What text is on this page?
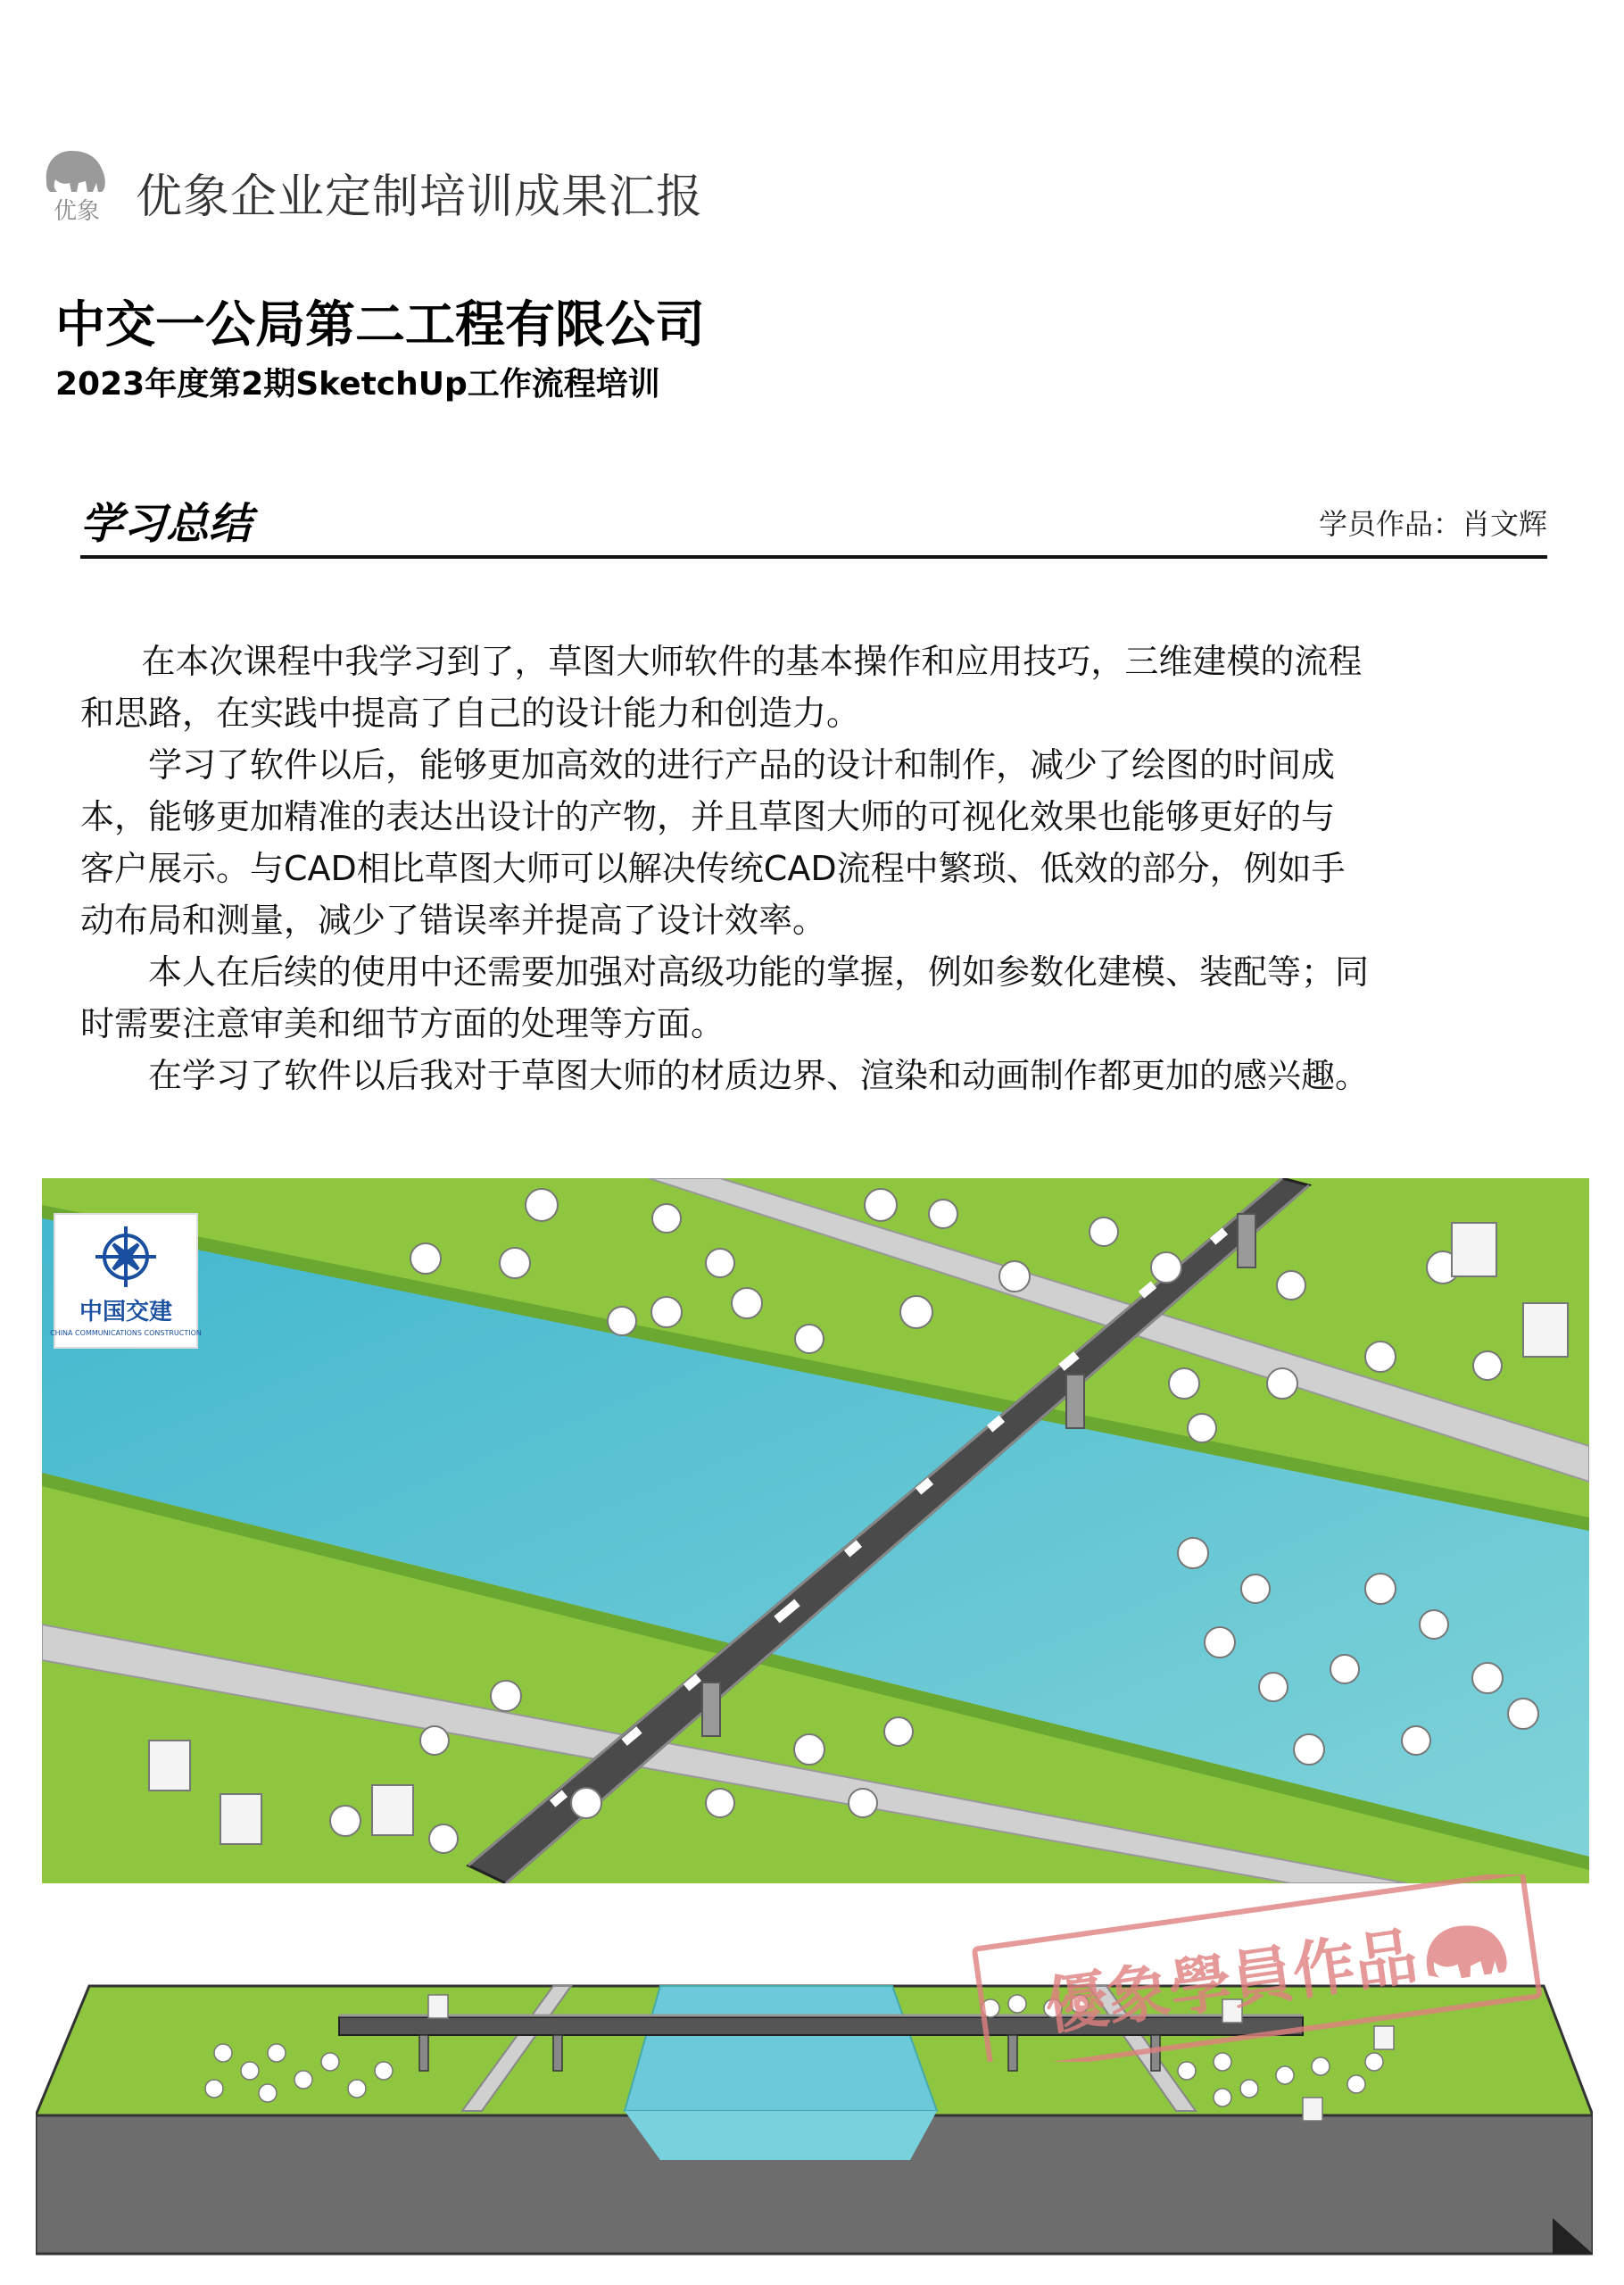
优象 优象企业定制培训成果汇报
中交一公局第二工程有限公司
2023年度第2期SketchUp工作流程培训
学习总结	学员作品：肖文辉

在本次课程中我学习到了，草图大师软件的基本操作和应用技巧，三维建模的流程

和思路，在实践中提高了自己的设计能力和创造力。

学习了软件以后，能够更加高效的进行产品的设计和制作，减少了绘图的时间成

本，能够更加精准的表达出设计的产物，并且草图大师的可视化效果也能够更好的与

客户展示。与CAD相比草图大师可以解决传统CAD流程中繁琐、低效的部分，例如手

动布局和测量，减少了错误率并提高了设计效率。

本人在后续的使用中还需要加强对高级功能的掌握，例如参数化建模、装配等；同

时需要注意审美和细节方面的处理等方面。

在学习了软件以后我对于草图大师的材质边界、渲染和动画制作都更加的感兴趣。

中国交建
CHINA COMMUNICATIONS CONSTRUCTION
優象學員作品
